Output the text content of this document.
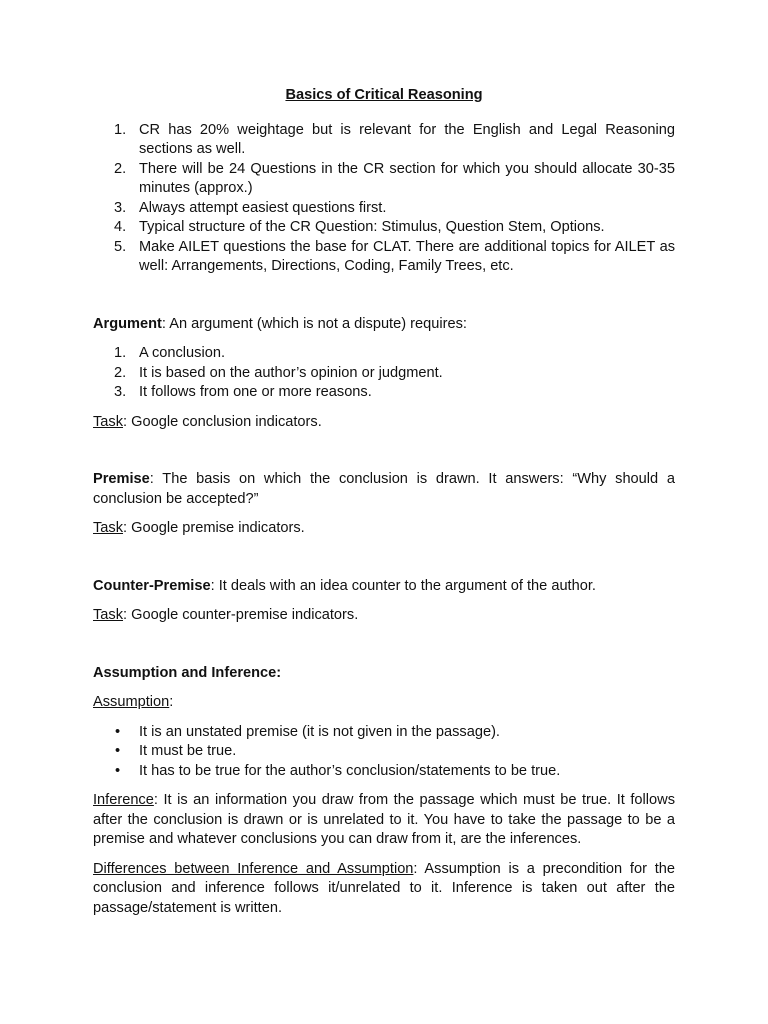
Basics of Critical Reasoning
1. CR has 20% weightage but is relevant for the English and Legal Reasoning sections as well.
2. There will be 24 Questions in the CR section for which you should allocate 30-35 minutes (approx.)
3. Always attempt easiest questions first.
4. Typical structure of the CR Question: Stimulus, Question Stem, Options.
5. Make AILET questions the base for CLAT. There are additional topics for AILET as well: Arrangements, Directions, Coding, Family Trees, etc.

Argument: An argument (which is not a dispute) requires:

1. A conclusion.
2. It is based on the author’s opinion or judgment.
3. It follows from one or more reasons.

Task: Google conclusion indicators.

Premise: The basis on which the conclusion is drawn. It answers: “Why should a conclusion be accepted?”

Task: Google premise indicators.

Counter-Premise: It deals with an idea counter to the argument of the author.

Task: Google counter-premise indicators.

Assumption and Inference:

Assumption:

• It is an unstated premise (it is not given in the passage).
• It must be true.
• It has to be true for the author’s conclusion/statements to be true.

Inference: It is an information you draw from the passage which must be true. It follows after the conclusion is drawn or is unrelated to it. You have to take the passage to be a premise and whatever conclusions you can draw from it, are the inferences.

Differences between Inference and Assumption: Assumption is a precondition for the conclusion and inference follows it/unrelated to it. Inference is taken out after the passage/statement is written.
